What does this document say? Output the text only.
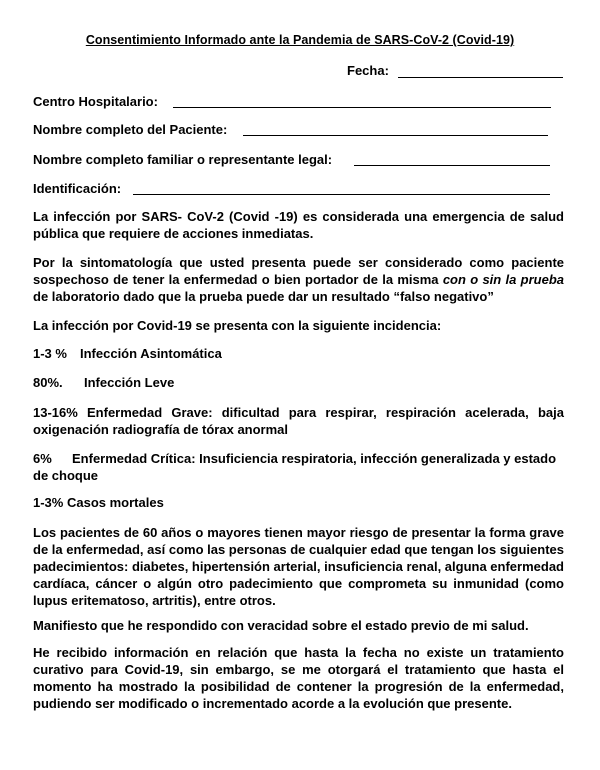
Consentimiento Informado ante la Pandemia de SARS-CoV-2 (Covid-19)
Fecha:
Centro Hospitalario:
Nombre completo del Paciente:
Nombre completo familiar o representante legal:
Identificación:
La infección por SARS- CoV-2 (Covid -19) es considerada una emergencia de salud pública que requiere de acciones inmediatas.
Por la sintomatología que usted presenta puede ser considerado como paciente sospechoso de tener la enfermedad o bien portador de la misma con o sin la prueba de laboratorio dado que la prueba puede dar un resultado “falso negativo”
La infección por Covid-19 se presenta con la siguiente incidencia:
1-3 % Infección Asintomática
80%. Infección Leve
13-16% Enfermedad Grave: dificultad para respirar, respiración acelerada, baja oxigenación radiografía de tórax anormal
6% Enfermedad Crítica: Insuficiencia respiratoria, infección generalizada y estado de choque
1-3% Casos mortales
Los pacientes de 60 años o mayores tienen mayor riesgo de presentar la forma grave de la enfermedad, así como las personas de cualquier edad que tengan los siguientes padecimientos: diabetes, hipertensión arterial, insuficiencia renal, alguna enfermedad cardíaca, cáncer o algún otro padecimiento que comprometa su inmunidad (como lupus eritematoso, artritis), entre otros.
Manifiesto que he respondido con veracidad sobre el estado previo de mi salud.
He recibido información en relación que hasta la fecha no existe un tratamiento curativo para Covid-19, sin embargo, se me otorgará el tratamiento que hasta el momento ha mostrado la posibilidad de contener la progresión de la enfermedad, pudiendo ser modificado o incrementado acorde a la evolución que presente.
